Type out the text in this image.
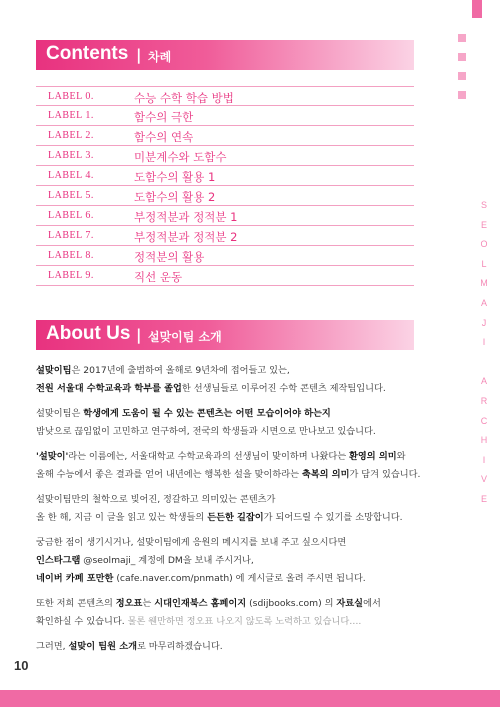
Contents | 차례
LABEL 0.	수능 수학 학습 방법
LABEL 1.	함수의 극한
LABEL 2.	함수의 연속
LABEL 3.	미분계수와 도함수
LABEL 4.	도함수의 활용 1
LABEL 5.	도함수의 활용 2
LABEL 6.	부정적분과 정적분 1
LABEL 7.	부정적분과 정적분 2
LABEL 8.	정적분의 활용
LABEL 9.	직선 운동
S
E
O
L
M
A
J
I
A
R
C
H
I
V
E
About Us | 설맞이팀 소개
설맞이팀은 2017년에 출범하여 올해로 9년차에 접어들고 있는,
전원 서울대 수학교육과 학부를 졸업한 선생님들로 이루어진 수학 콘텐츠 제작팀입니다.
설맞이팀은 학생에게 도움이 될 수 있는 콘텐츠는 어떤 모습이어야 하는지
밤낮으로 끊임없이 고민하고 연구하여, 전국의 학생들과 시면으로 만나보고 있습니다.
'설맞이'라는 이름에는, 서울대학교 수학교육과의 선생님이 맞이하며 나왔다는 환영의 의미와
올해 수능에서 좋은 결과를 얻어 내년에는 행복한 설을 맞이하라는 축복의 의미가 담겨 있습니다.
설맞이팀만의 철학으로 빚어진, 정갈하고 의미있는 콘텐츠가
올 한 해, 지금 이 글을 읽고 있는 학생들의 든든한 길잡이가 되어드릴 수 있기를 소망합니다.
궁금한 점이 생기시거나, 설맞이팀에게 응원의 메시지를 보내 주고 싶으시다면
인스타그램 @seolmaji_ 계정에 DM을 보내 주시거나,
네이버 카페 포만한 (cafe.naver.com/pnmath) 에 게시글로 올려 주시면 됩니다.
또한 저희 콘텐츠의 정오표는 시대인재북스 홈페이지 (sdijbooks.com) 의 자료실에서
확인하실 수 있습니다. 물론 웬만하면 정오표 나오지 않도록 노력하고 있습니다….
그러면, 설맞이 팀원 소개로 마무리하겠습니다.
10
